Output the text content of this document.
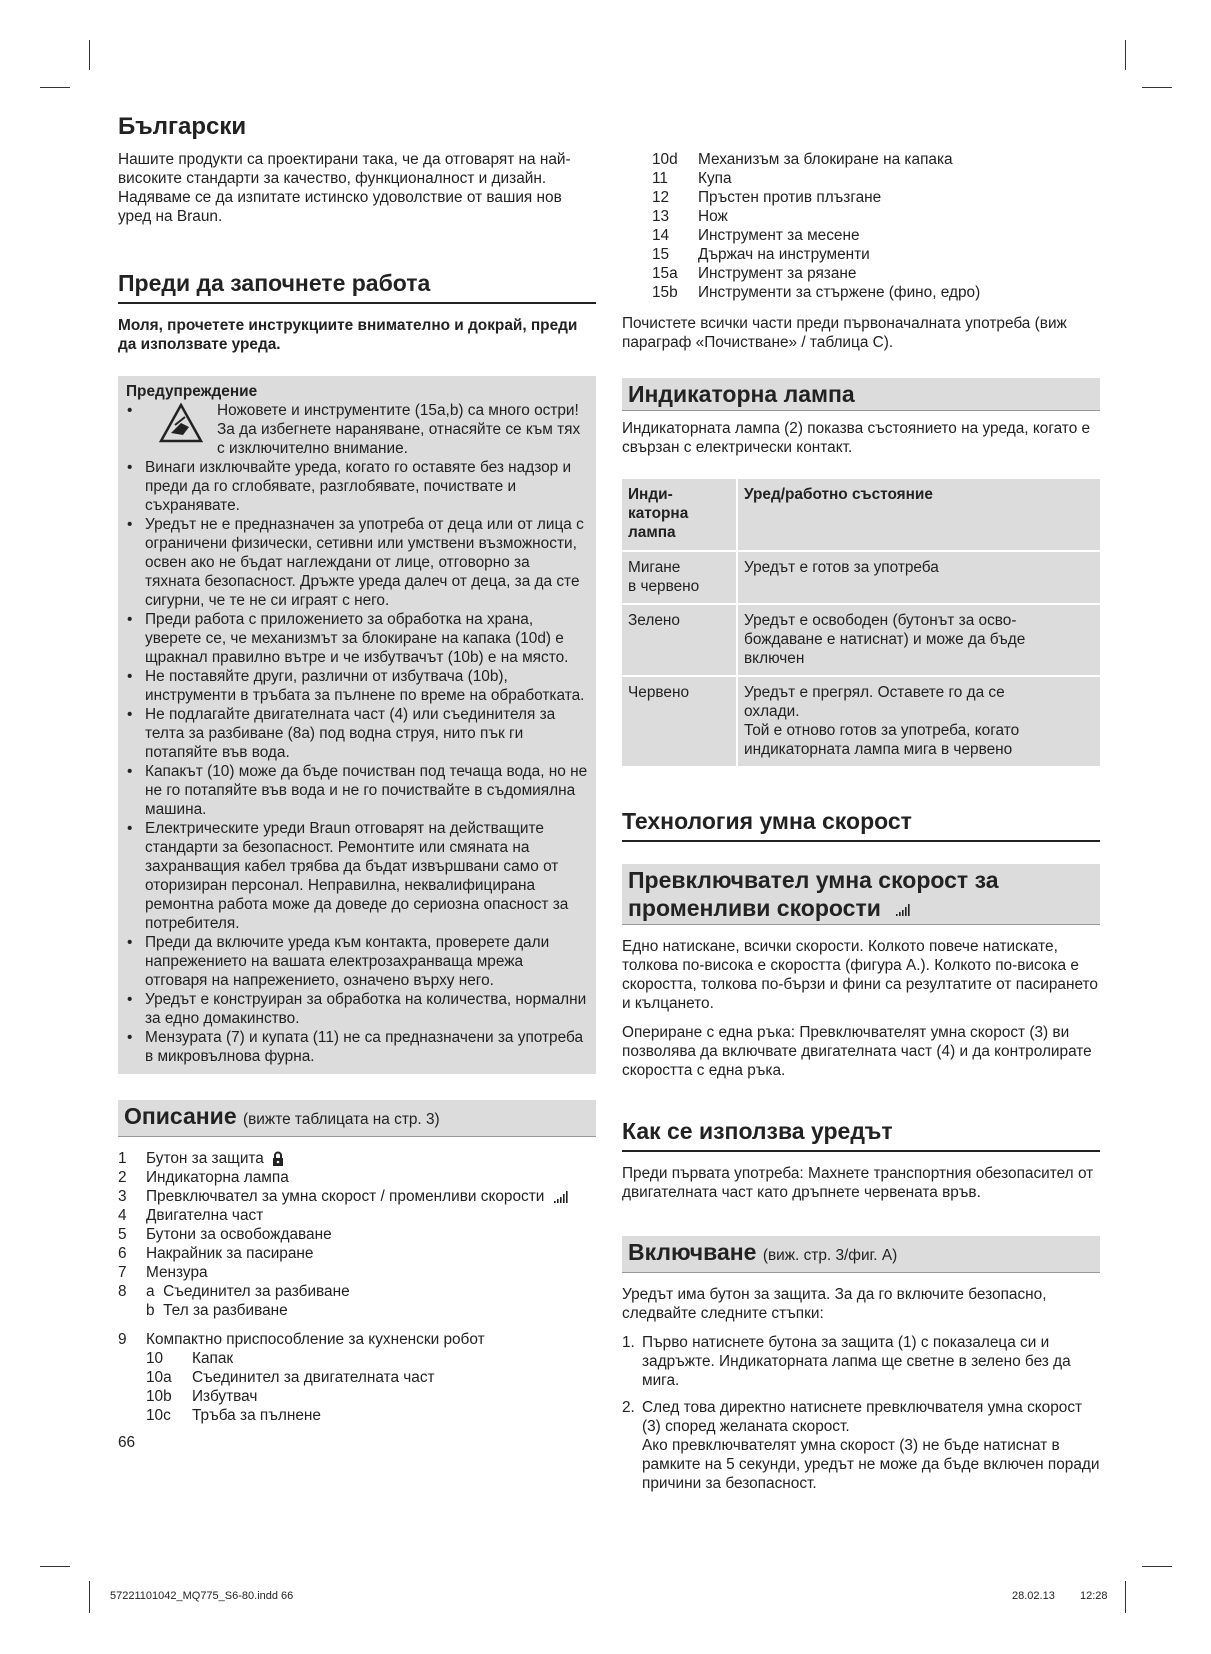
Български

Нашите продукти са проектирани така, че да отговарят на най-високите стандарти за качество, функционалност и дизайн.

Надяваме се да изпитате истинско удоволствие от вашия нов уред на Braun.

Преди да започнете работа

Моля, прочетете инструкциите внимателно и докрай, преди да използвате уреда.

Предупреждение
• Ножовете и инструментите (15a,b) са много остри!За да избегнете нараняване, отнасяйте се към тях с изключително внимание.
• Винаги изключвайте уреда, когато го оставяте без надзор и преди да го сглобявате, разглобявате, почиствате и съхранявате.
• Уредът не е предназначен за употреба от деца или от лица с ограничени физически, сетивни или умствени възможности, освен ако не бъдат наглеждани от лице, отговорно за тяхната безопасност. Дръжте уреда далеч от деца, за да сте сигурни, че те не си играят с него.
• Преди работа с приложението за обработка на храна, уверете се, че механизмът за блокиране на капака (10d) е щракнал правилно вътре и че избутвачът (10b) е на място.
• Не поставяйте други, различни от избутвача (10b), инструменти в тръбата за пълнене по време на обработката.
• Не подлагайте двигателната част (4) или съединителя за телта за разбиване (8a) под водна струя, нито пък ги потапяйте във вода.
• Капакът (10) може да бъде почистван под течаща вода, но не не го потапяйте във вода и не го почиствайте в съдомиялна машина.
• Електрическите уреди Braun отговарят на действащите стандарти за безопасност. Ремонтите или смяната на захранващия кабел трябва да бъдат извършвани само от оторизиран персонал. Неправилна, неквалифицирана ремонтна работа може да доведе до сериозна опасност за потребителя.
• Преди да включите уреда към контакта, проверете дали напрежението на вашата електрозахранваща мрежа отговаря на напрежението, означено върху него.
• Уредът е конструиран за обработка на количества, нормални за едно домакинство.
• Мензурата (7) и купата (11) не са предназначени за употреба в микровълнова фурна.
Описание (вижте таблицата на стр. 3)
1	Бутон за защита
2	Индикаторна лампа
3	Превключвател за умна скорост / променливи скорости
4	Двигателна част
5	Бутони за освобождаване
6	Накрайник за пасиране
7	Мензура
8	a  Съединител за разбиване
b  Тел за разбиване
9	Компактно приспособление за кухненски робот
10	Капак
10a	Съединител за двигателната част
10b	Избутвач
10c	Тръба за пълнене
66
10d	Механизъм за блокиране на капака
11	Купа
12	Пръстен против плъзгане
13	Нож
14	Инструмент за месене
15	Държач на инструменти
15a	Инструмент за рязане
15b	Инструменти за стържене (фино, едро)

Почистете всички части преди първоначалната употреба (виж параграф «Почистване» / таблица C).

Индикаторна лампа

Индикаторната лампа (2) показва състоянието на уреда, когато е свързан с електрически контакт.

Инди-
каторна
лампа	Уред/работно състояние
Мигане
в червено	Уредът е готов за употреба
Зелено	Уредът е освободен (бутонът за осво-
бождаване е натиснат) и може да бъде
включен
Червено	Уредът е прегрял. Оставете го да се
охлади.
Той е отново готов за употреба, когато
индикаторната лампа мига в червено
Технология умна скорост
Превключвател умна скорост за
променливи скорости

Едно натискане, всички скорости. Колкото повече натискате, толкова по-висока е скоростта (фигура A.). Колкото по-висока е скоростта, толкова по-бързи и фини са резултатите от пасирането и кълцането.

Опериране с една ръка: Превключвателят умна скорост (3) ви позволява да включвате двигателната част (4) и да контролирате скоростта с една ръка.

Как се използва уредът

Преди първата употреба: Махнете транспортния обезопасител от двигателната част като дръпнете червената връв.

Включване (виж. стр. 3/фиг. A)

Уредът има бутон за защита. За да го включите безопасно, следвайте следните стъпки:

1. Първо натиснете бутона за защита (1) с показалеца си и задръжте. Индикаторната лапма ще светне в зелено без да мига.
2. След това директно натиснете превключвателя умна скорост (3) според желаната скорост.
Ако превключвателят умна скорост (3) не бъде натиснат в рамките на 5 секунди, уредът не може да бъде включен поради причини за безопасност.
57221101042_MQ775_S6-80.indd 66	28.02.13 12:28
